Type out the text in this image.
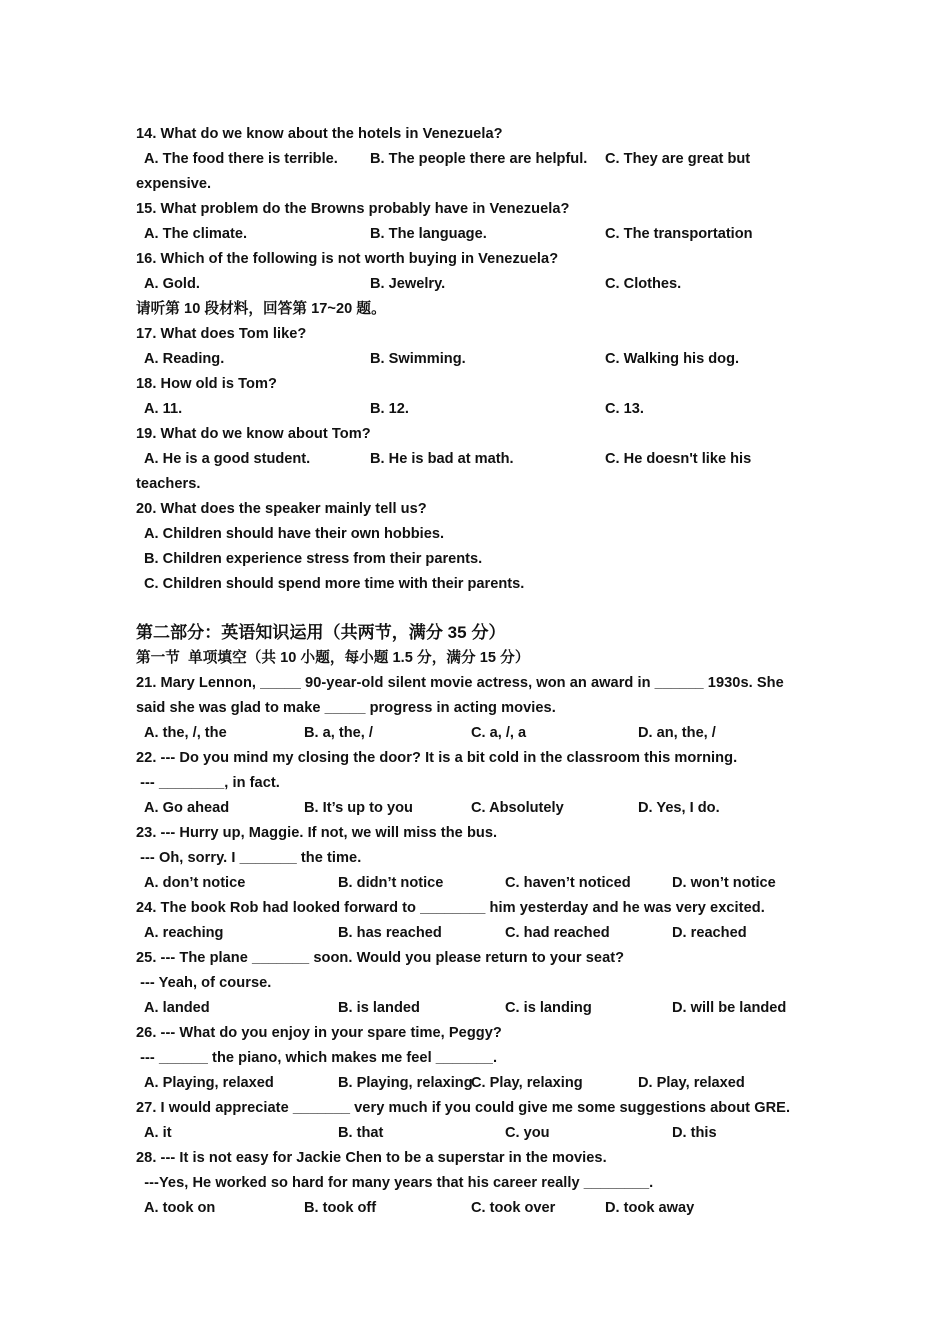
14. What do we know about the hotels in Venezuela?
A. The food there is terrible. B. The people there are helpful. C. They are great but
expensive.
15. What problem do the Browns probably have in Venezuela?
A. The climate.	B. The language.	C. The transportation
16. Which of the following is not worth buying in Venezuela?
A. Gold.	B. Jewelry.	C. Clothes.
请听第 10 段材料，回答第 17~20 题。
17. What does Tom like?
A. Reading.	B. Swimming.	C. Walking his dog.
18. How old is Tom?
A. 11.	B. 12.	C. 13.
19. What do we know about Tom?
A. He is a good student.	B. He is bad at math.	C. He doesn't like his
teachers.
20. What does the speaker mainly tell us?
A. Children should have their own hobbies.
B. Children experience stress from their parents.
C. Children should spend more time with their parents.
第二部分：英语知识运用（共两节，满分 35 分）
第一节  单项填空（共 10 小题，每小题 1.5 分，满分 15 分）
21. Mary Lennon, _____ 90-year-old silent movie actress, won an award in ______ 1930s. She
said she was glad to make _____ progress in acting movies.
A. the, /, the	B. a, the, /	C. a, /, a	D. an, the, /
22. --- Do you mind my closing the door? It is a bit cold in the classroom this morning.
--- ________, in fact.
A. Go ahead	B. It’s up to you	C. Absolutely	D. Yes, I do.
23. --- Hurry up, Maggie. If not, we will miss the bus.
--- Oh, sorry. I _______ the time.
A. don’t notice	B. didn’t notice	C. haven’t noticed	D. won’t notice
24. The book Rob had looked forward to ________ him yesterday and he was very excited.
A. reaching	B. has reached	C. had reached	D. reached
25. --- The plane _______ soon. Would you please return to your seat?
--- Yeah, of course.
A. landed	B. is landed	C. is landing	D. will be landed
26. --- What do you enjoy in your spare time, Peggy?
--- ______ the piano, which makes me feel _______.
A. Playing, relaxed	B. Playing, relaxing
C. Play, relaxing	D. Play, relaxed
27. I would appreciate _______ very much if you could give me some suggestions about GRE.
A. it	B. that	C. you	D. this
28. --- It is not easy for Jackie Chen to be a superstar in the movies.
---Yes, He worked so hard for many years that his career really ________.
A. took on	B. took off	C. took over	D. took away
